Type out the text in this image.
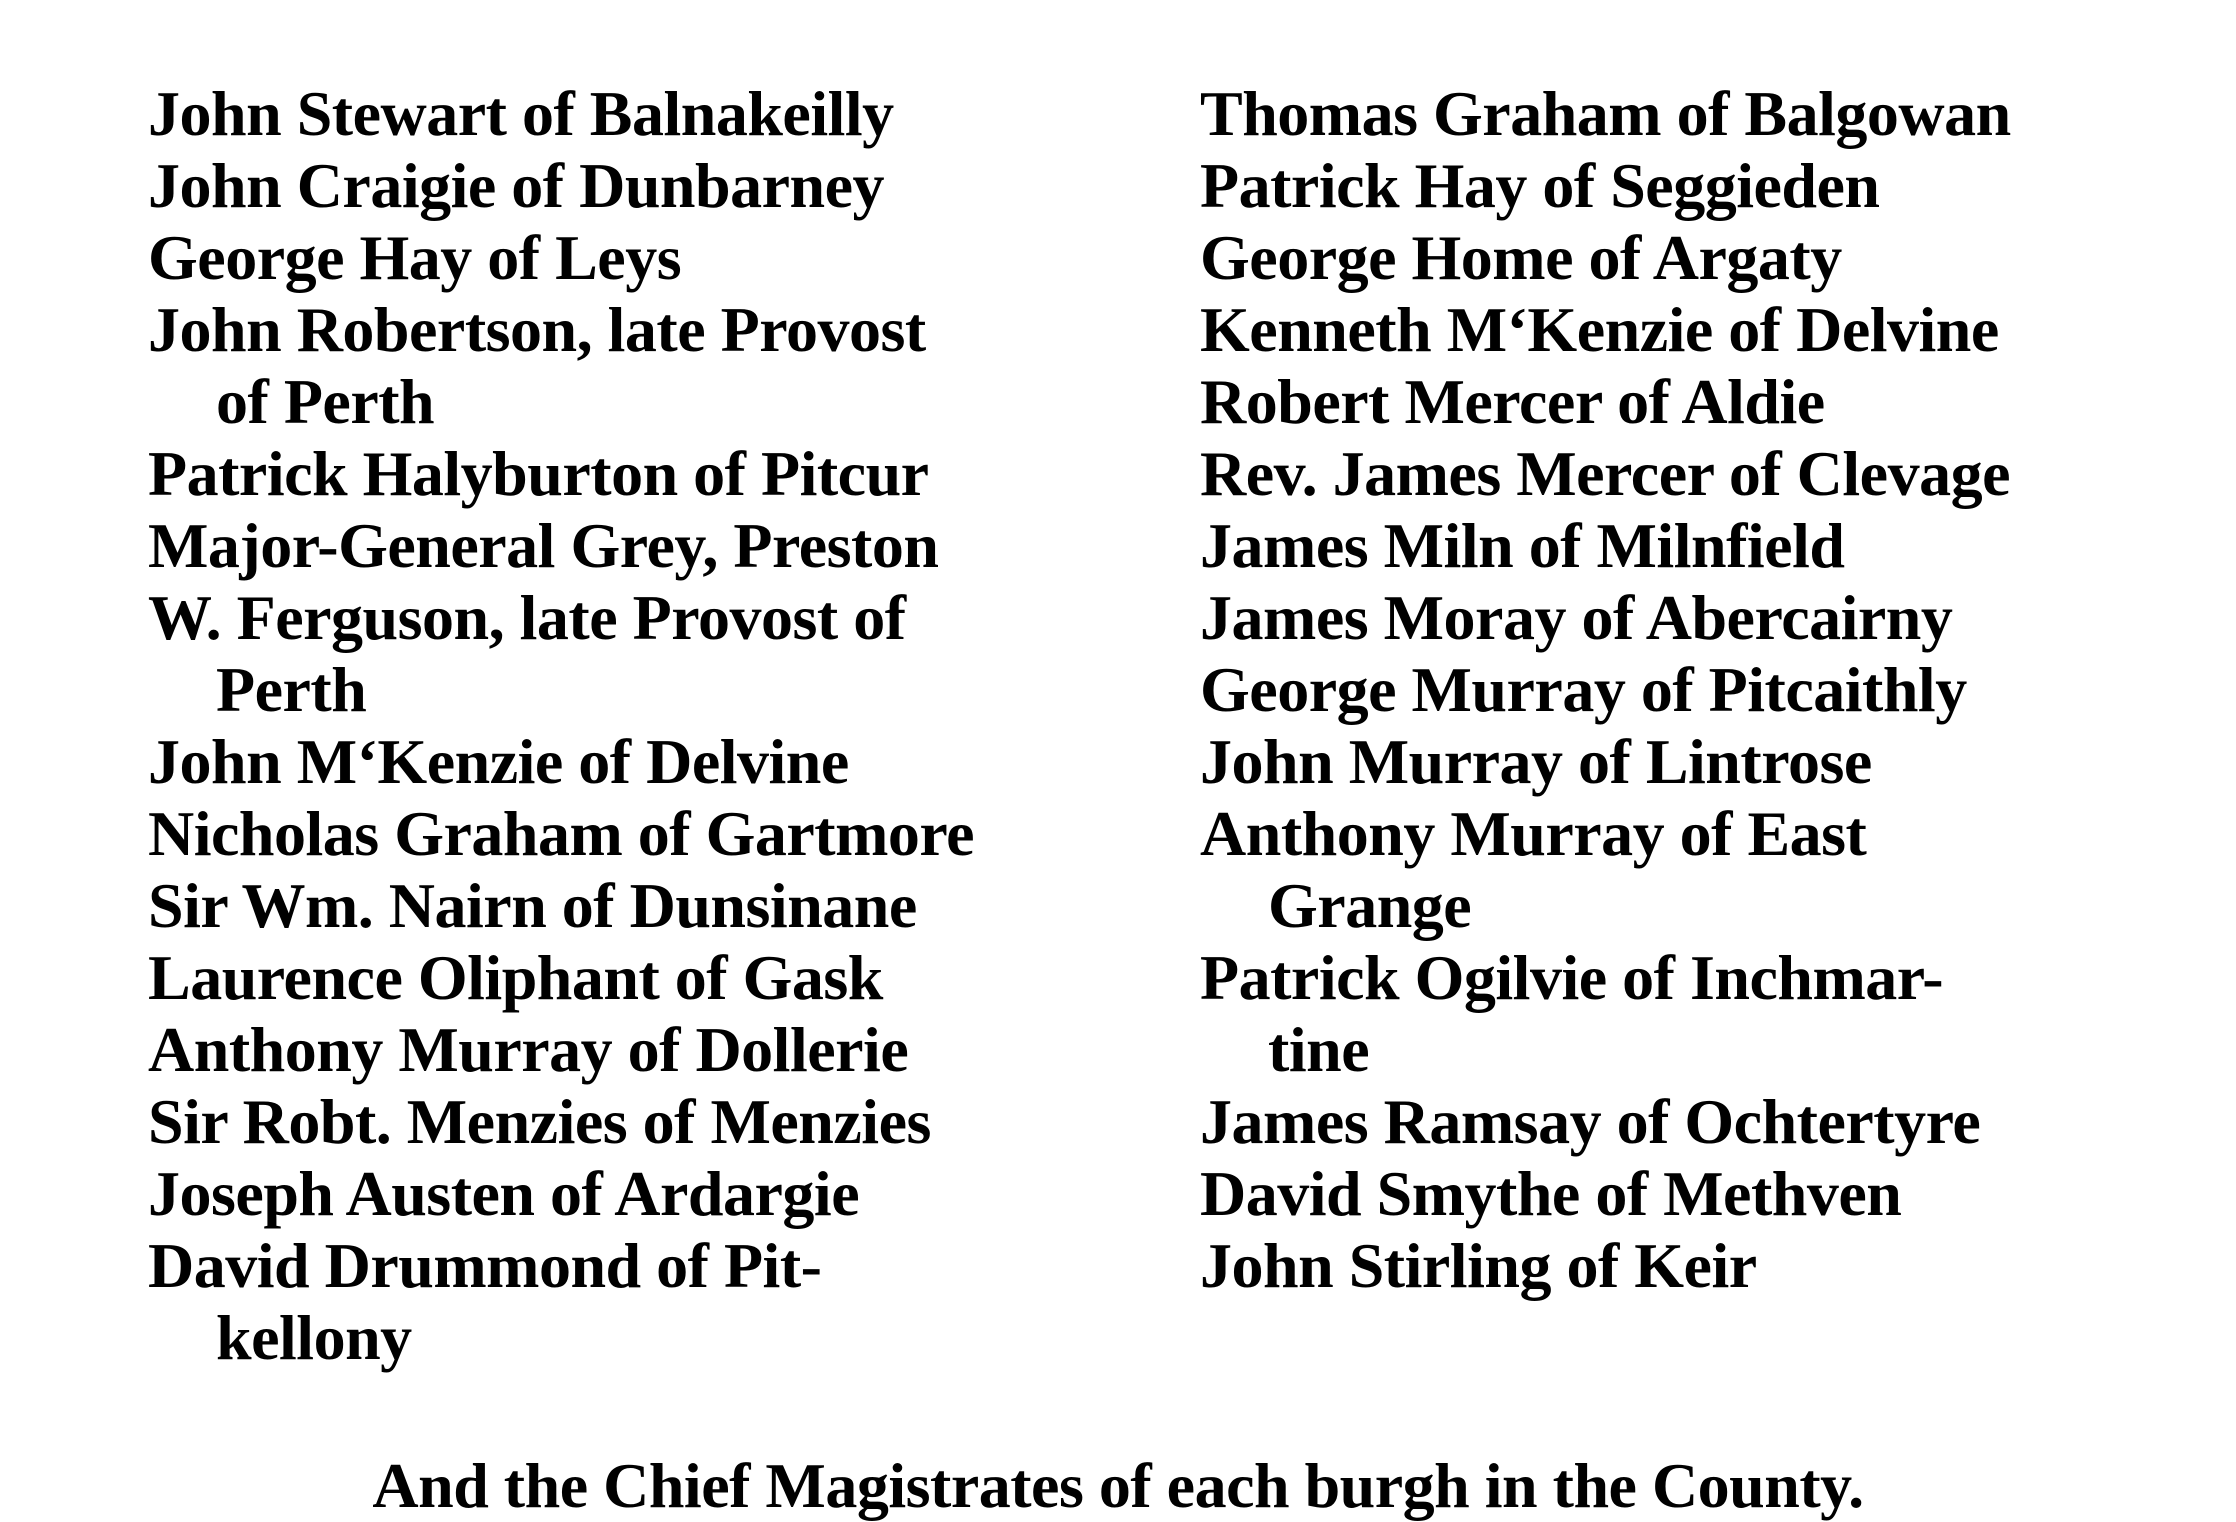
John Stewart of Balnakeilly
John Craigie of Dunbarney
George Hay of Leys
John Robertson, late Provost
of Perth
Patrick Halyburton of Pitcur
Major-General Grey, Preston
W. Ferguson, late Provost of
Perth
John M‘Kenzie of Delvine
Nicholas Graham of Gartmore
Sir Wm. Nairn of Dunsinane
Laurence Oliphant of Gask
Anthony Murray of Dollerie
Sir Robt. Menzies of Menzies
Joseph Austen of Ardargie
David Drummond of Pit-
kellony
Thomas Graham of Balgowan
Patrick Hay of Seggieden
George Home of Argaty
Kenneth M‘Kenzie of Delvine
Robert Mercer of Aldie
Rev. James Mercer of Clevage
James Miln of Milnfield
James Moray of Abercairny
George Murray of Pitcaithly
John Murray of Lintrose
Anthony Murray of East
Grange
Patrick Ogilvie of Inchmar-
tine
James Ramsay of Ochtertyre
David Smythe of Methven
John Stirling of Keir

And the Chief Magistrates of each burgh in the County.
